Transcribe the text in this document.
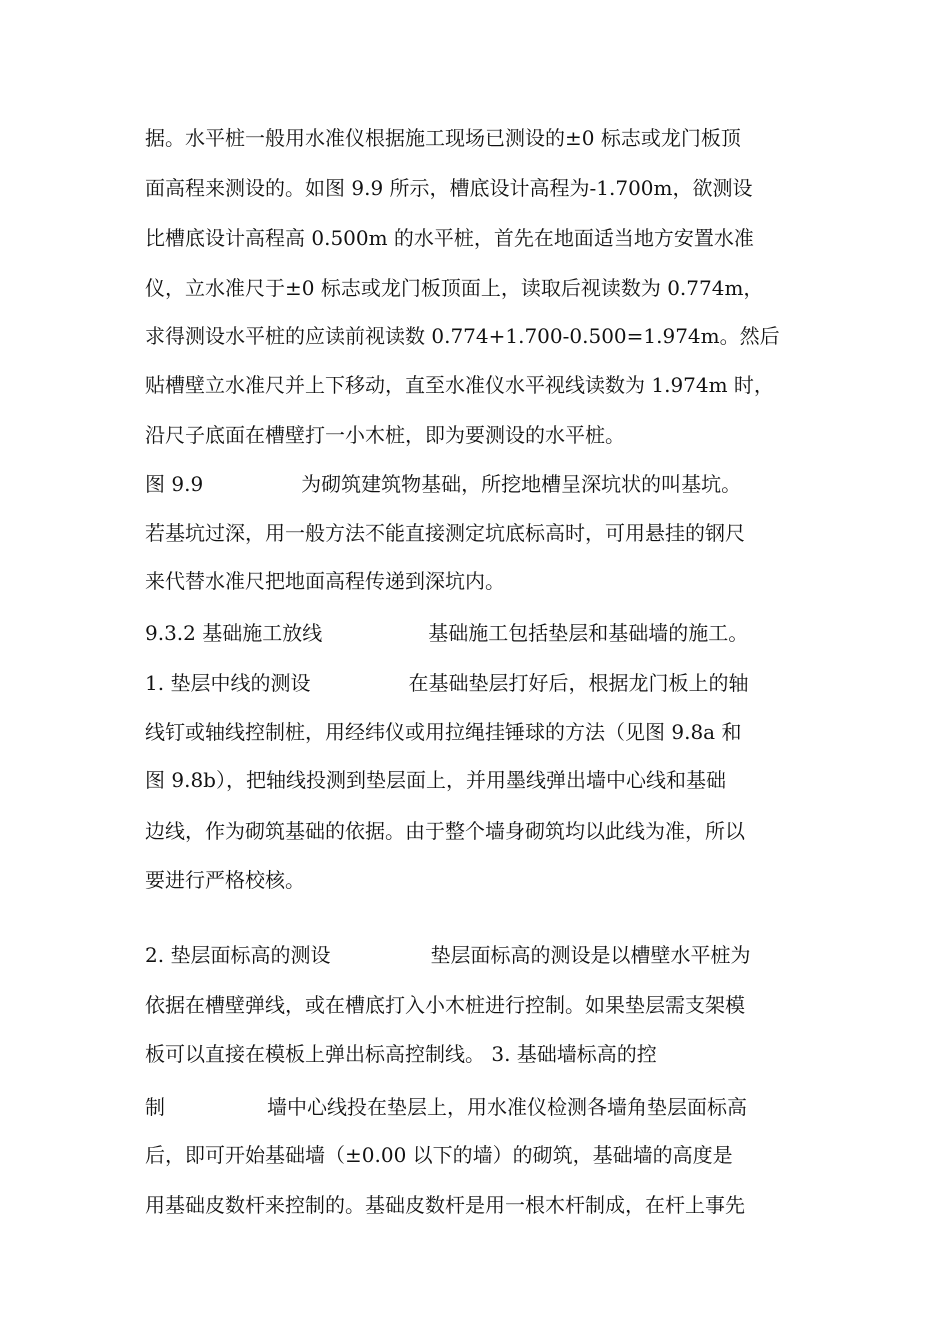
据。水平桩一般用水准仪根据施工现场已测设的±0 标志或龙门板顶
面高程来测设的。如图 9.9 所示，槽底设计高程为-1.700m，欲测设
比槽底设计高程高 0.500m 的水平桩，首先在地面适当地方安置水准
仪，立水准尺于±0 标志或龙门板顶面上，读取后视读数为 0.774m，
求得测设水平桩的应读前视读数 0.774+1.700-0.500=1.974m。然后
贴槽壁立水准尺并上下移动，直至水准仪水平视线读数为 1.974m 时，
沿尺子底面在槽壁打一小木桩，即为要测设的水平桩。
图 9.9	为砌筑建筑物基础，所挖地槽呈深坑状的叫基坑。
若基坑过深，用一般方法不能直接测定坑底标高时，可用悬挂的钢尺
来代替水准尺把地面高程传递到深坑内。
9.3.2 基础施工放线	基础施工包括垫层和基础墙的施工。
1. 垫层中线的测设	在基础垫层打好后，根据龙门板上的轴
线钉或轴线控制桩，用经纬仪或用拉绳挂锤球的方法（见图 9.8a 和
图 9.8b），把轴线投测到垫层面上，并用墨线弹出墙中心线和基础
边线，作为砌筑基础的依据。由于整个墙身砌筑均以此线为准，所以
要进行严格校核。
2. 垫层面标高的测设	垫层面标高的测设是以槽壁水平桩为
依据在槽壁弹线，或在槽底打入小木桩进行控制。如果垫层需支架模
板可以直接在模板上弹出标高控制线。 3. 基础墙标高的控
制	墙中心线投在垫层上，用水准仪检测各墙角垫层面标高
后，即可开始基础墙（±0.00 以下的墙）的砌筑，基础墙的高度是
用基础皮数杆来控制的。基础皮数杆是用一根木杆制成，在杆上事先
